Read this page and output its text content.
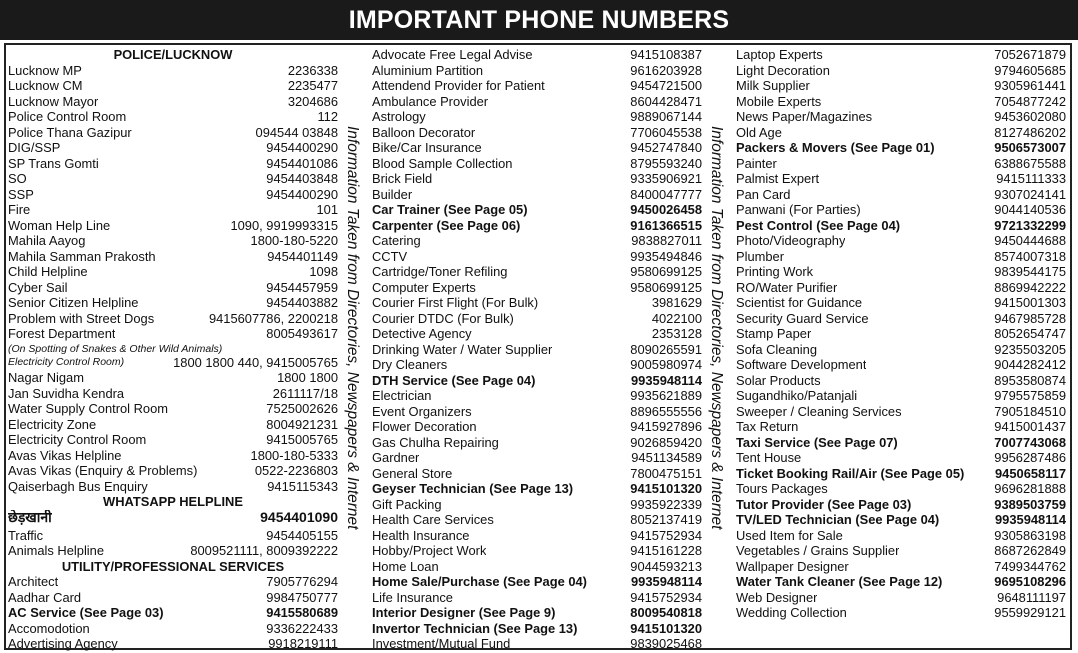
IMPORTANT PHONE NUMBERS
POLICE/LUCKNOW
Lucknow MP	2236338
Lucknow CM	2235477
Lucknow Mayor	3204686
Police Control Room	112
Police Thana Gazipur	094544 03848
DIG/SSP	9454400290
SP Trans Gomti	9454401086
SO	9454403848
SSP	9454400290
Fire	101
Woman Help Line	1090, 9919993315
Mahila Aayog	1800-180-5220
Mahila Samman Prakosth	9454401149
Child Helpline	1098
Cyber Sail	9454457959
Senior Citizen Helpline	9454403882
Problem with Street Dogs	9415607786, 2200218
Forest Department	8005493617
(On Spotting of Snakes & Other Wild Animals)
Electricity Control Room)	1800 1800 440, 9415005765
Nagar Nigam	1800 1800
Jan Suvidha Kendra	2611117/18
Water Supply Control Room	7525002626
Electricity Zone	8004921231
Electricity Control Room	9415005765
Avas Vikas Helpline	1800-180-5333
Avas Vikas (Enquiry & Problems)	0522-2236803
Qaiserbagh Bus Enquiry	9415115343
WHATSAPP HELPLINE
छेड़खानी	9454401090
Traffic	9454405155
Animals Helpline	8009521111, 8009392222
UTILITY/PROFESSIONAL SERVICES
Architect	7905776294
Aadhar Card	9984750777
AC Service (See Page 03)	9415580689
Accomodotion	9336222433
Advertising Agency	9918219111
Information Taken from Directories, Newspapers & Internet
Advocate Free Legal Advise	9415108387
Aluminium Partition	9616203928
Attendend Provider for Patient	9454721500
Ambulance Provider	8604428471
Astrology	9889067144
Balloon Decorator	7706045538
Bike/Car Insurance	9452747840
Blood Sample Collection	8795593240
Brick Field	9335906921
Builder	8400047777
Car Trainer (See Page 05)	9450026458
Carpenter (See Page 06)	9161366515
Catering	9838827011
CCTV	9935494846
Cartridge/Toner Refiling	9580699125
Computer Experts	9580699125
Courier First Flight (For Bulk)	3981629
Courier DTDC (For Bulk)	4022100
Detective Agency	2353128
Drinking Water / Water Supplier	8090265591
Dry Cleaners	9005980974
DTH Service (See Page 04)	9935948114
Electrician	9935621889
Event Organizers	8896555556
Flower Decoration	9415927896
Gas Chulha Repairing	9026859420
Gardner	9451134589
General Store	7800475151
Geyser Technician (See Page 13)	9415101320
Gift Packing	9935922339
Health Care Services	8052137419
Health Insurance	9415752934
Hobby/Project Work	9415161228
Home Loan	9044593213
Home Sale/Purchase (See Page 04)	9935948114
Life Insurance	9415752934
Interior Designer (See Page 9)	8009540818
Invertor Technician (See Page 13)	9415101320
Investment/Mutual Fund	9839025468
Information Taken from Directories, Newspapers & Internet
Laptop Experts	7052671879
Light Decoration	9794605685
Milk Supplier	9305961441
Mobile Experts	7054877242
News Paper/Magazines	9453602080
Old Age	8127486202
Packers & Movers (See Page 01)	9506573007
Painter	6388675588
Palmist Expert	9415111333
Pan Card	9307024141
Panwani (For Parties)	9044140536
Pest Control (See Page 04)	9721332299
Photo/Videography	9450444688
Plumber	8574007318
Printing Work	9839544175
RO/Water Purifier	8869942222
Scientist for Guidance	9415001303
Security Guard Service	9467985728
Stamp Paper	8052654747
Sofa Cleaning	9235503205
Software Development	9044282412
Solar Products	8953580874
Sugandhiko/Patanjali	9795575859
Sweeper / Cleaning Services	7905184510
Tax Return	9415001437
Taxi Service (See Page 07)	7007743068
Tent House	9956287486
Ticket Booking Rail/Air (See Page 05)	9450658117
Tours Packages	9696281888
Tutor Provider (See Page 03)	9389503759
TV/LED Technician (See Page 04)	9935948114
Used Item for Sale	9305863198
Vegetables / Grains Supplier	8687262849
Wallpaper Designer	7499344762
Water Tank Cleaner (See Page 12)	9695108296
Web Designer	9648111197
Wedding Collection	9559929121
